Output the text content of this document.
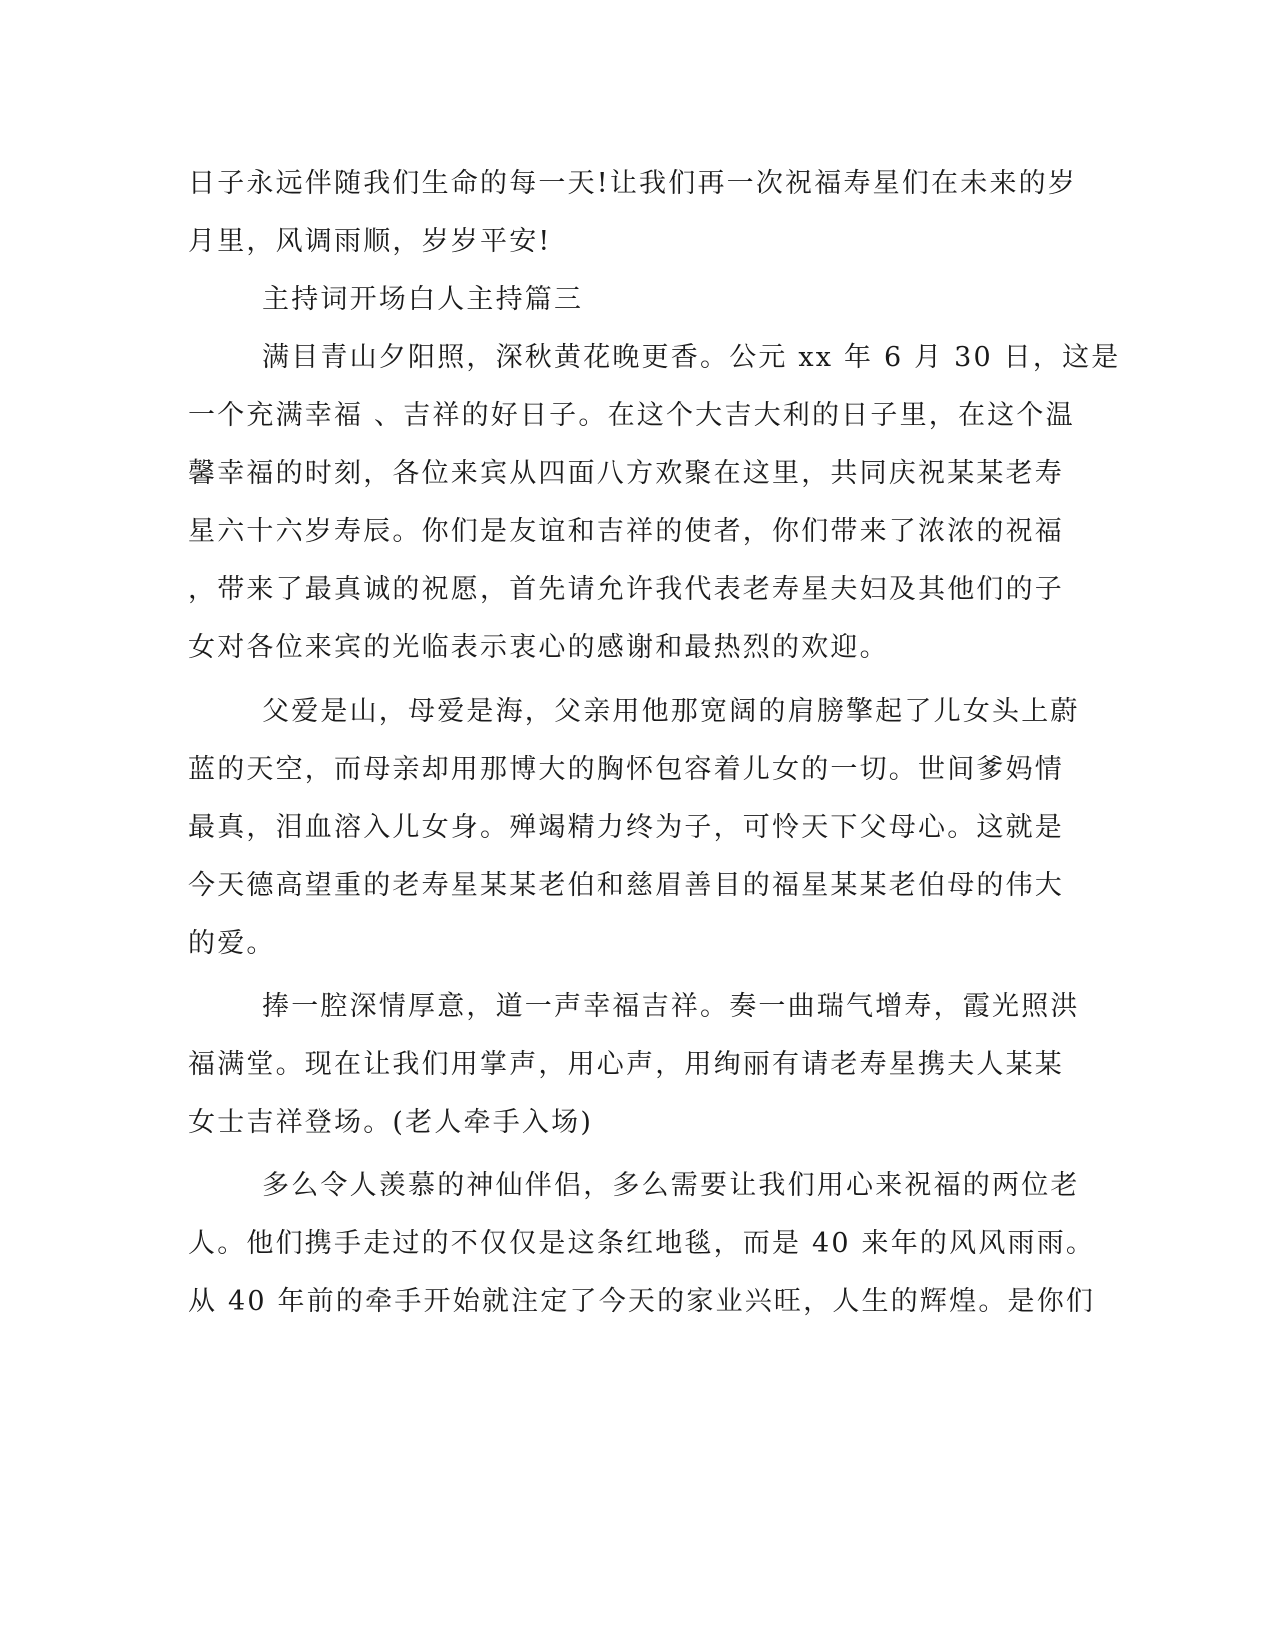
日子永远伴随我们生命的每一天!让我们再一次祝福寿星们在未来的岁
月里，风调雨顺，岁岁平安!
主持词开场白人主持篇三
满目青山夕阳照，深秋黄花晚更香。公元 xx 年 6 月 30 日，这是
一个充满幸福 、吉祥的好日子。在这个大吉大利的日子里，在这个温
馨幸福的时刻，各位来宾从四面八方欢聚在这里，共同庆祝某某老寿
星六十六岁寿辰。你们是友谊和吉祥的使者，你们带来了浓浓的祝福
，带来了最真诚的祝愿，首先请允许我代表老寿星夫妇及其他们的子
女对各位来宾的光临表示衷心的感谢和最热烈的欢迎。
父爱是山，母爱是海，父亲用他那宽阔的肩膀擎起了儿女头上蔚
蓝的天空，而母亲却用那博大的胸怀包容着儿女的一切。世间爹妈情
最真，泪血溶入儿女身。殚竭精力终为子，可怜天下父母心。这就是
今天德高望重的老寿星某某老伯和慈眉善目的福星某某老伯母的伟大
的爱。
捧一腔深情厚意，道一声幸福吉祥。奏一曲瑞气增寿，霞光照洪
福满堂。现在让我们用掌声，用心声，用绚丽有请老寿星携夫人某某
女士吉祥登场。(老人牵手入场)
多么令人羡慕的神仙伴侣，多么需要让我们用心来祝福的两位老
人。他们携手走过的不仅仅是这条红地毯，而是 40 来年的风风雨雨。
从 40 年前的牵手开始就注定了今天的家业兴旺，人生的辉煌。是你们
